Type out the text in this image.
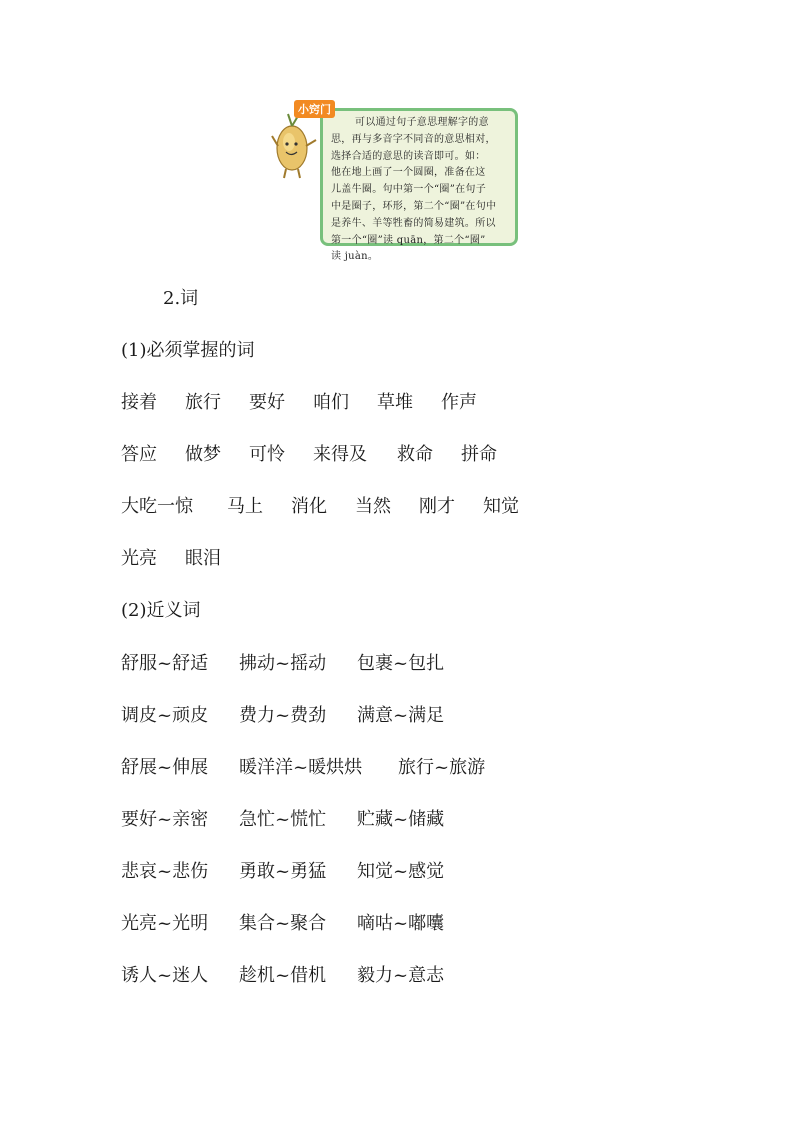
可以通过句子意思理解字的意
思，再与多音字不同音的意思相对，
选择合适的意思的读音即可。如：
他在地上画了一个圆圈，准备在这
儿盖牛圈。句中第一个“圈”在句子
中是圈子，环形，第二个“圈”在句中
是养牛、羊等牲畜的简易建筑。所以
第一个“圈”读 quān，第二个“圈”
读 juàn。
小窍门
2.词
(1)必须掌握的词
接着 旅行 要好 咱们 草堆 作声
答应 做梦 可怜 来得及 救命 拼命
大吃一惊 马上 消化 当然 刚才 知觉
光亮 眼泪
(2)近义词
舒服~舒适 拂动~摇动 包裹~包扎
调皮~顽皮 费力~费劲 满意~满足
舒展~伸展 暖洋洋~暖烘烘 旅行~旅游
要好~亲密 急忙~慌忙 贮藏~储藏
悲哀~悲伤 勇敢~勇猛 知觉~感觉
光亮~光明 集合~聚合 嘀咕~嘟囔
诱人~迷人 趁机~借机 毅力~意志
